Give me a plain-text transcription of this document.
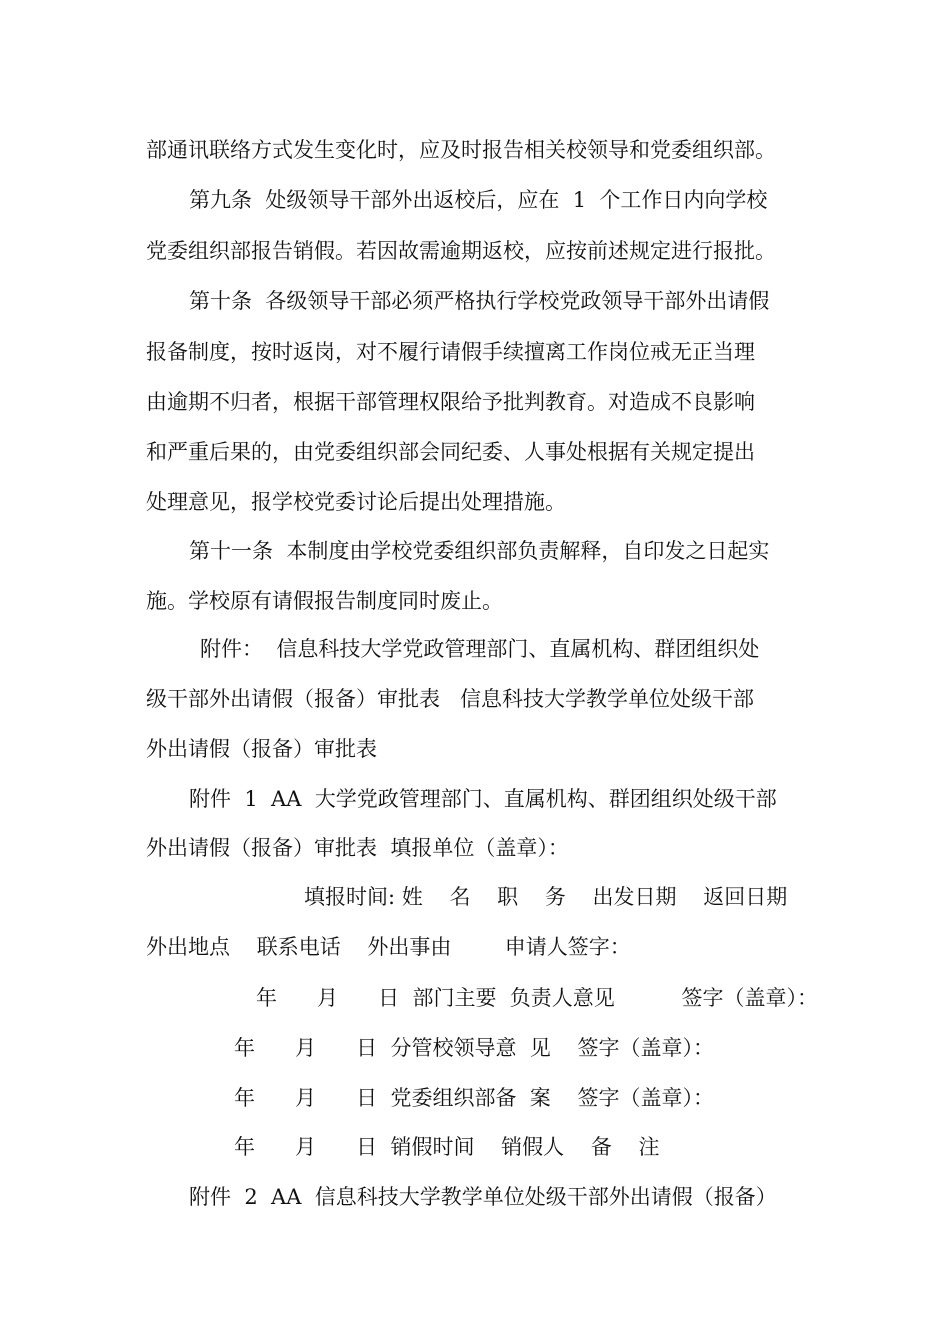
部通讯联络方式发生变化时，应及时报告相关校领导和党委组织部。
第九条  处级领导干部外出返校后，应在  1  个工作日内向学校
党委组织部报告销假。若因故需逾期返校，应按前述规定进行报批。
第十条  各级领导干部必须严格执行学校党政领导干部外出请假
报备制度，按时返岗，对不履行请假手续擅离工作岗位戒无正当理
由逾期不归者，根据干部管理权限给予批判教育。对造成不良影响
和严重后果的，由党委组织部会同纪委、人事处根据有关规定提出
处理意见，报学校党委讨论后提出处理措施。
第十一条  本制度由学校党委组织部负责解释，自印发之日起实
施。学校原有请假报告制度同时废止。
附件：  信息科技大学党政管理部门、直属机构、群团组织处
级干部外出请假（报备）审批表   信息科技大学教学单位处级干部
外出请假（报备）审批表
附件  1  AA  大学党政管理部门、直属机构、群团组织处级干部
外出请假（报备）审批表  填报单位（盖章）：
填报时间: 姓    名    职    务    出发日期    返回日期
外出地点    联系电话    外出事由        申请人签字：
年      月      日  部门主要  负责人意见          签字（盖章）：
年      月      日  分管校领导意  见    签字（盖章）：
年      月      日  党委组织部备  案    签字（盖章）：
年      月      日  销假时间    销假人    备    注
附件  2  AA  信息科技大学教学单位处级干部外出请假（报备）
